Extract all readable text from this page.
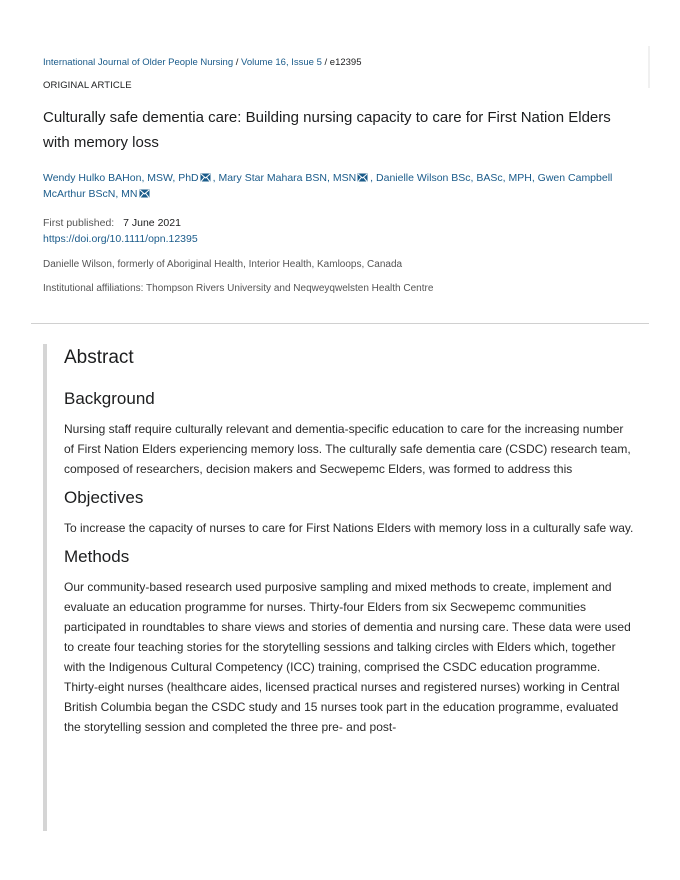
International Journal of Older People Nursing / Volume 16, Issue 5 / e12395
ORIGINAL ARTICLE
Culturally safe dementia care: Building nursing capacity to care for First Nation Elders with memory loss
Wendy Hulko BAHon, MSW, PhD , Mary Star Mahara BSN, MSN , Danielle Wilson BSc, BASc, MPH, Gwen Campbell McArthur BScN, MN
First published: 7 June 2021
https://doi.org/10.1111/opn.12395
Danielle Wilson, formerly of Aboriginal Health, Interior Health, Kamloops, Canada
Institutional affiliations: Thompson Rivers University and Neqweyqwelsten Health Centre
Abstract
Background

Nursing staff require culturally relevant and dementia-specific education to care for the increasing number of First Nation Elders experiencing memory loss. The culturally safe dementia care (CSDC) research team, composed of researchers, decision makers and Secwepemc Elders, was formed to address this

Objectives

To increase the capacity of nurses to care for First Nations Elders with memory loss in a culturally safe way.

Methods

Our community-based research used purposive sampling and mixed methods to create, implement and evaluate an education programme for nurses. Thirty-four Elders from six Secwepemc communities participated in roundtables to share views and stories of dementia and nursing care. These data were used to create four teaching stories for the storytelling sessions and talking circles with Elders which, together with the Indigenous Cultural Competency (ICC) training, comprised the CSDC education programme. Thirty-eight nurses (healthcare aides, licensed practical nurses and registered nurses) working in Central British Columbia began the CSDC study and 15 nurses took part in the education programme, evaluated the storytelling session and completed the three pre- and post-
